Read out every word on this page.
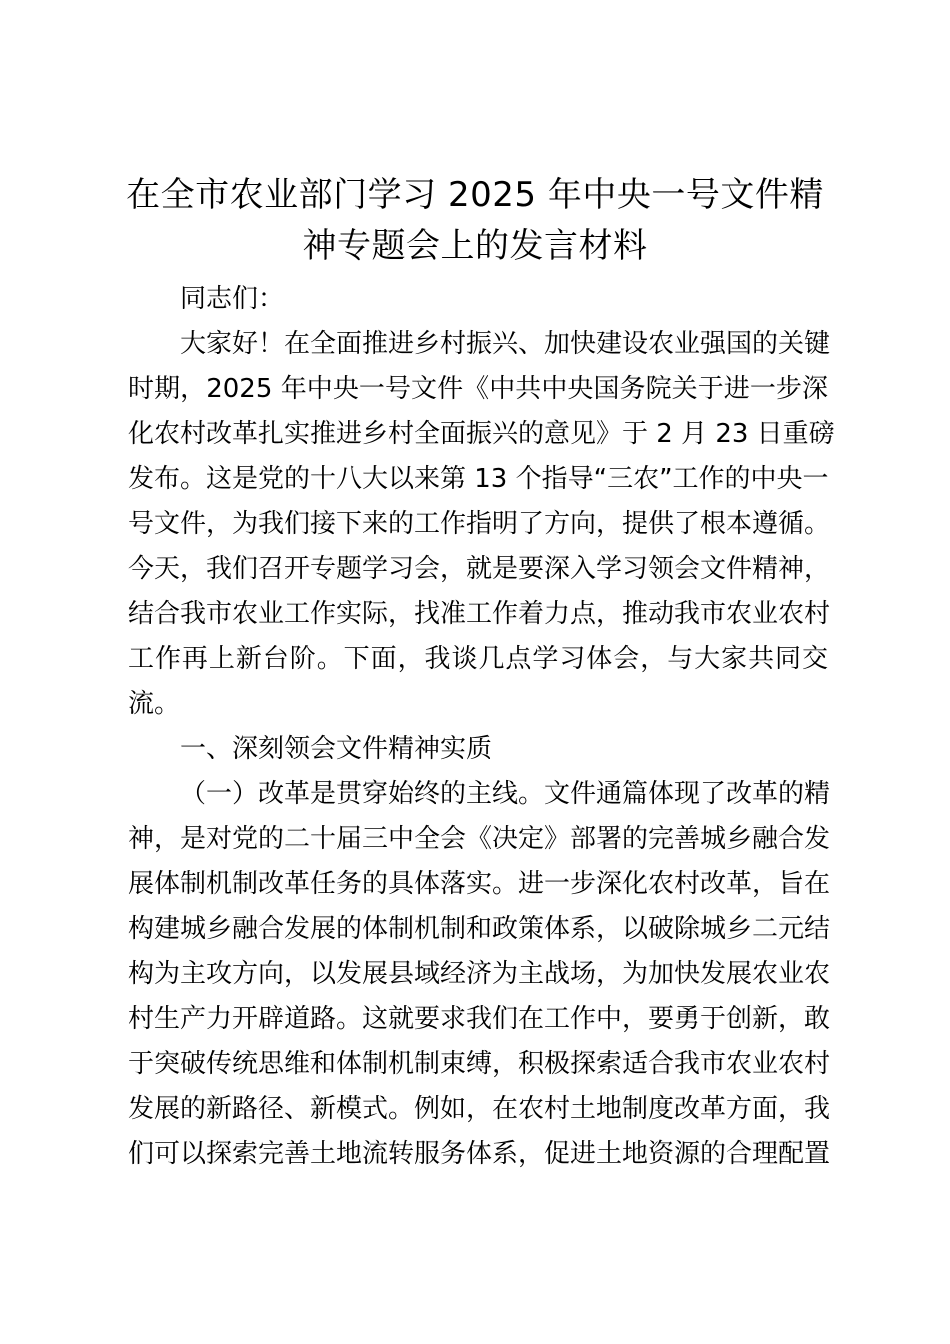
在全市农业部门学习 2025 年中央一号文件精
神专题会上的发言材料
同志们：
大家好！在全面推进乡村振兴、加快建设农业强国的关键
时期，2025 年中央一号文件《中共中央国务院关于进一步深
化农村改革扎实推进乡村全面振兴的意见》于 2 月 23 日重磅
发布。这是党的十八大以来第 13 个指导“三农”工作的中央一
号文件，为我们接下来的工作指明了方向，提供了根本遵循。
今天，我们召开专题学习会，就是要深入学习领会文件精神，
结合我市农业工作实际，找准工作着力点，推动我市农业农村
工作再上新台阶。下面，我谈几点学习体会，与大家共同交
流。
一、深刻领会文件精神实质
（一）改革是贯穿始终的主线。文件通篇体现了改革的精
神，是对党的二十届三中全会《决定》部署的完善城乡融合发
展体制机制改革任务的具体落实。进一步深化农村改革，旨在
构建城乡融合发展的体制机制和政策体系，以破除城乡二元结
构为主攻方向，以发展县域经济为主战场，为加快发展农业农
村生产力开辟道路。这就要求我们在工作中，要勇于创新，敢
于突破传统思维和体制机制束缚，积极探索适合我市农业农村
发展的新路径、新模式。例如，在农村土地制度改革方面，我
们可以探索完善土地流转服务体系，促进土地资源的合理配置
